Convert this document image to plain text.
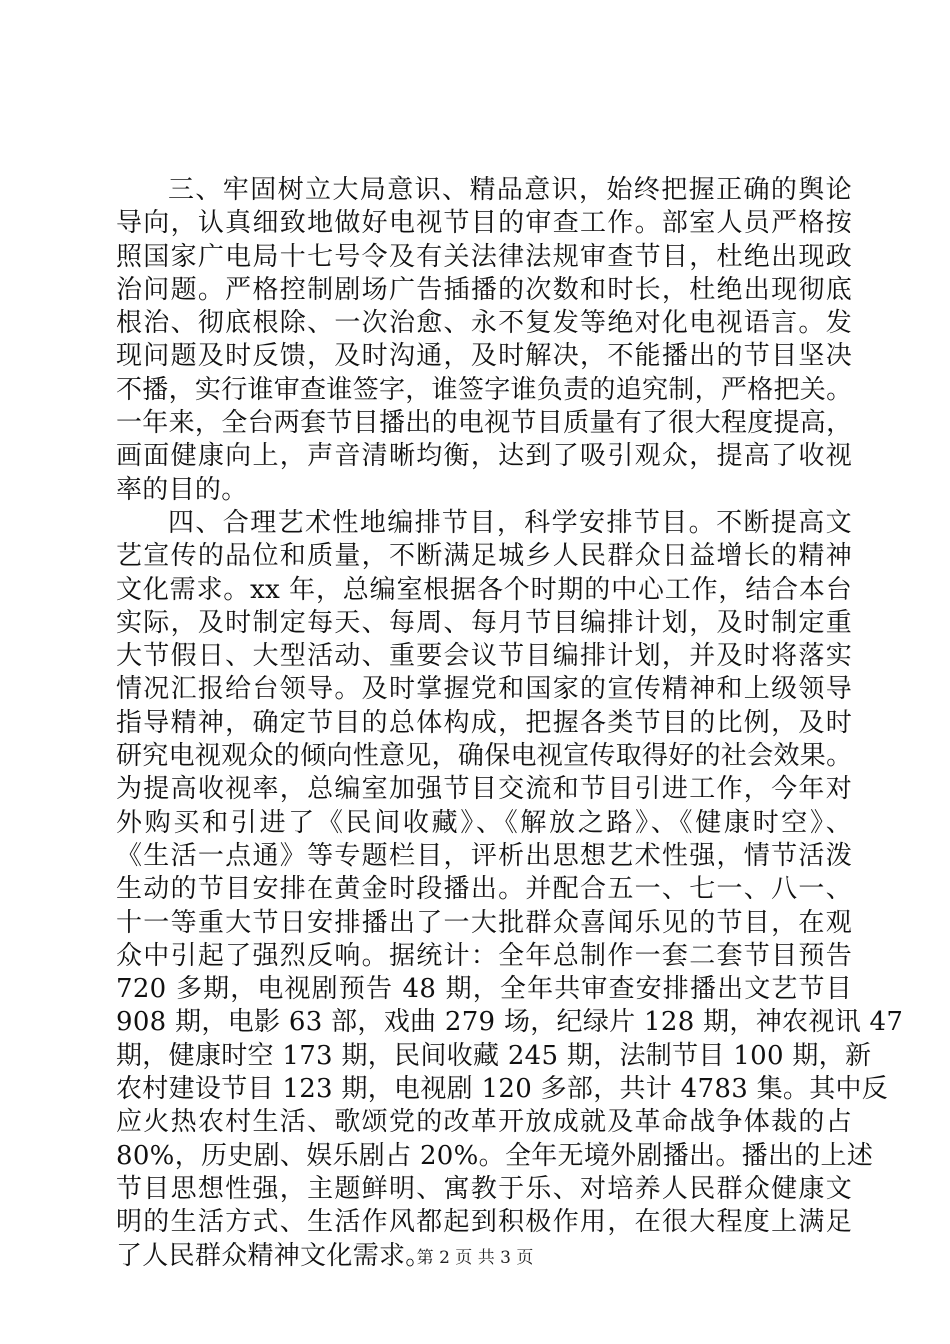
三、牢固树立大局意识、精品意识，始终把握正确的舆论
导向，认真细致地做好电视节目的审查工作。部室人员严格按
照国家广电局十七号令及有关法律法规审查节目，杜绝出现政
治问题。严格控制剧场广告插播的次数和时长，杜绝出现彻底
根治、彻底根除、一次治愈、永不复发等绝对化电视语言。发
现问题及时反馈，及时沟通，及时解决，不能播出的节目坚决
不播，实行谁审查谁签字，谁签字谁负责的追究制，严格把关。
一年来，全台两套节目播出的电视节目质量有了很大程度提高，
画面健康向上，声音清晰均衡，达到了吸引观众，提高了收视
率的目的。
四、合理艺术性地编排节目，科学安排节目。不断提高文
艺宣传的品位和质量，不断满足城乡人民群众日益增长的精神
文化需求。xx 年，总编室根据各个时期的中心工作，结合本台
实际，及时制定每天、每周、每月节目编排计划，及时制定重
大节假日、大型活动、重要会议节目编排计划，并及时将落实
情况汇报给台领导。及时掌握党和国家的宣传精神和上级领导
指导精神，确定节目的总体构成，把握各类节目的比例，及时
研究电视观众的倾向性意见，确保电视宣传取得好的社会效果。
为提高收视率，总编室加强节目交流和节目引进工作，今年对
外购买和引进了《民间收藏》、《解放之路》、《健康时空》、
《生活一点通》等专题栏目，评析出思想艺术性强，情节活泼
生动的节目安排在黄金时段播出。并配合五一、七一、八一、
十一等重大节日安排播出了一大批群众喜闻乐见的节目，在观
众中引起了强烈反响。据统计：全年总制作一套二套节目预告
720 多期，电视剧预告 48 期，全年共审查安排播出文艺节目
908 期，电影 63 部，戏曲 279 场，纪绿片 128 期，神农视讯 47
期，健康时空 173 期，民间收藏 245 期，法制节目 100 期，新
农村建设节目 123 期，电视剧 120 多部，共计 4783 集。其中反
应火热农村生活、歌颂党的改革开放成就及革命战争体裁的占
80%，历史剧、娱乐剧占 20%。全年无境外剧播出。播出的上述
节目思想性强，主题鲜明、寓教于乐、对培养人民群众健康文
明的生活方式、生活作风都起到积极作用，在很大程度上满足
了人民群众精神文化需求。
第 2 页 共 3 页
